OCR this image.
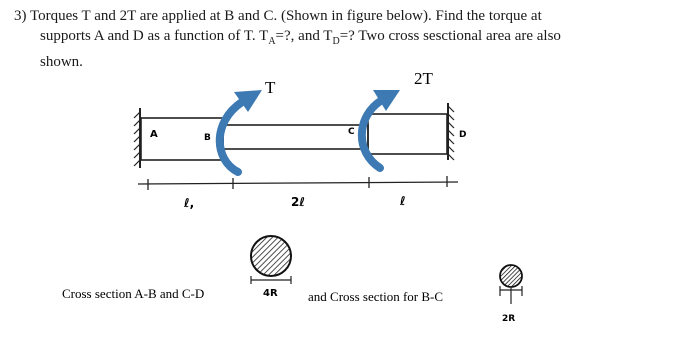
3) Torques T and 2T are applied at B and C. (Shown in figure below). Find the torque at
supports A and D as a function of T. $T_A=$?, and $T_D=$? Two cross sesctional area are also
shown.
A	B
C	D
T	2T
ℓ,	2ℓ	ℓ
4R
2R
Cross section A-B and C-D	and Cross section for B-C
